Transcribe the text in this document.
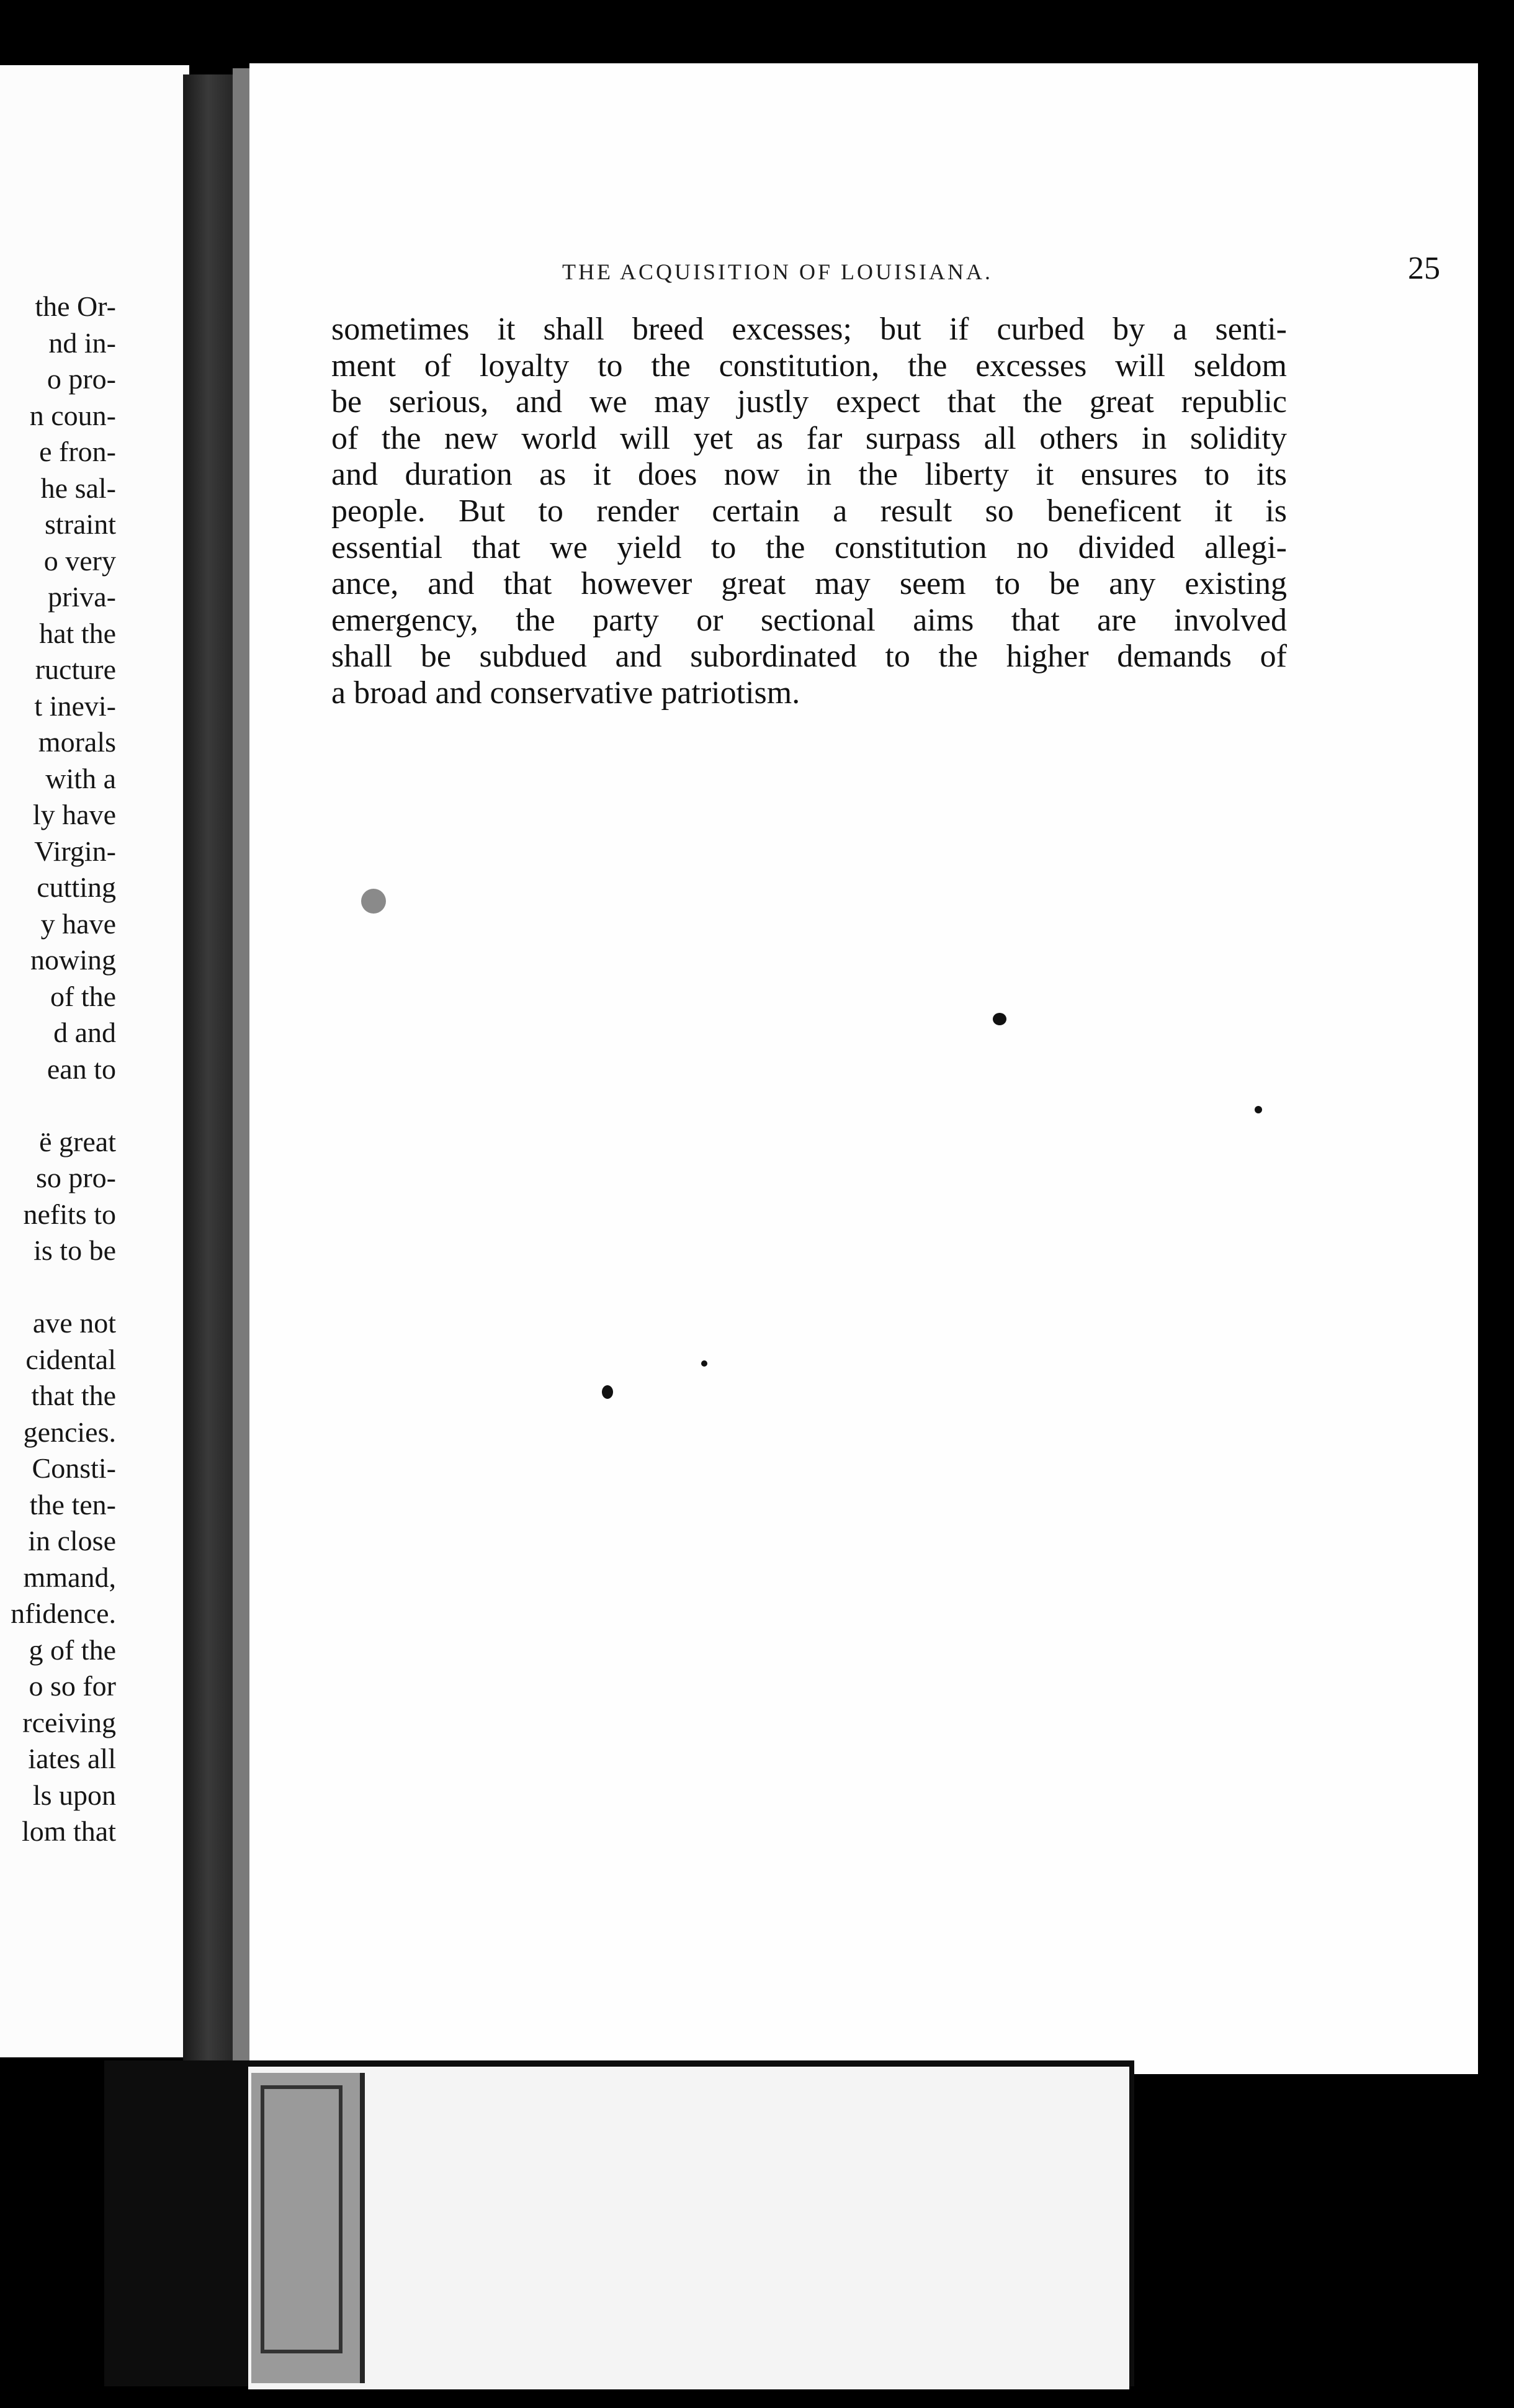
the Or-
nd in-
o pro-
n coun-
e fron-
he sal-
straint
o very
priva-
hat the
ructure
t inevi-
morals
with a
ly have
Virgin-
cutting
y have
nowing
of the
d and
ean to
ë great
so pro-
nefits to
is to be
ave not
cidental
that the
gencies.
Consti-
the ten-
in close
mmand,
nfidence.
g of the
o so for
rceiving
iates all
ls upon
lom that
THE ACQUISITION OF LOUISIANA.	25
sometimes it shall breed excesses; but if curbed by a senti-
ment of loyalty to the constitution, the excesses will seldom
be serious, and we may justly expect that the great republic
of the new world will yet as far surpass all others in solidity
and duration as it does now in the liberty it ensures to its
people. But to render certain a result so beneficent it is
essential that we yield to the constitution no divided allegi-
ance, and that however great may seem to be any existing
emergency, the party or sectional aims that are involved
shall be subdued and subordinated to the higher demands of
a broad and conservative patriotism.
